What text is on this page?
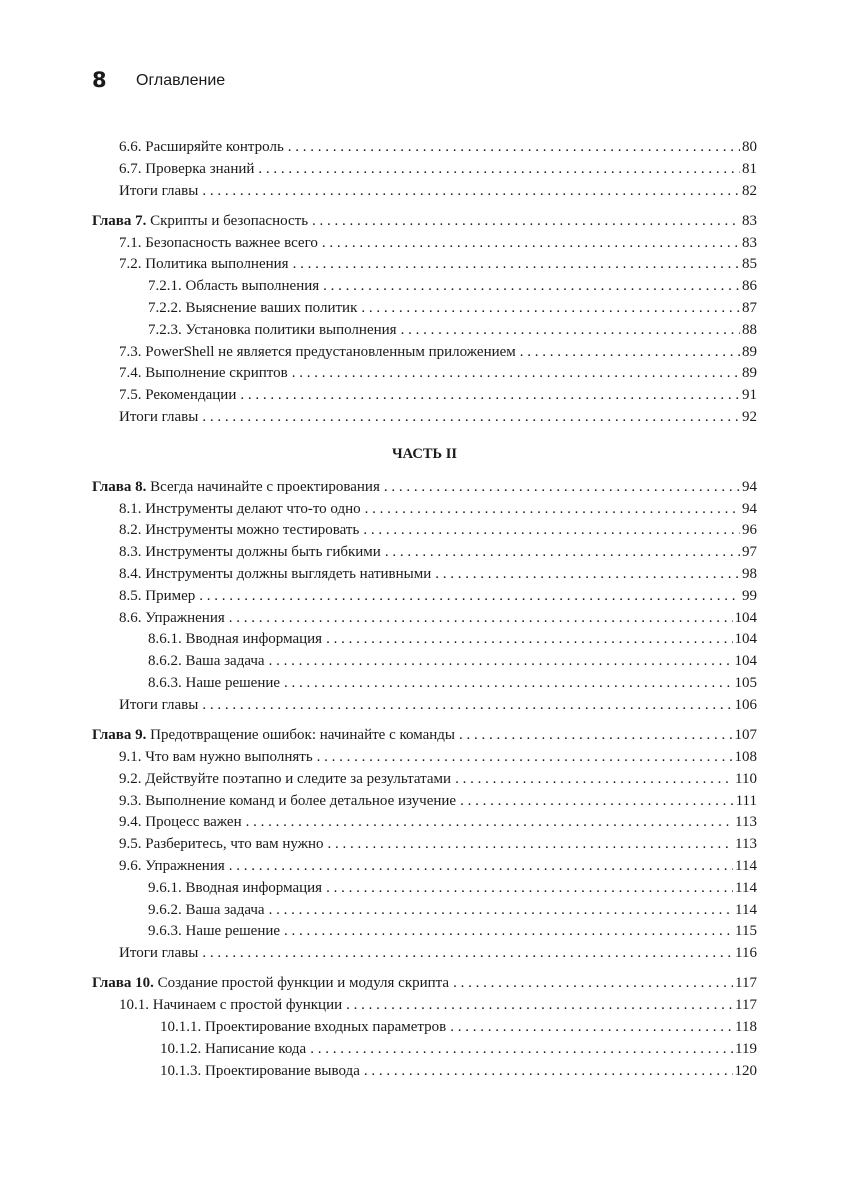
8 Оглавление
6.6. Расширяйте контроль . . .	80
6.7. Проверка знаний . . .	81
Итоги главы . . .	82
Глава 7. Скрипты и безопасность . . .	83
7.1. Безопасность важнее всего . . .	83
7.2. Политика выполнения . . .	85
7.2.1. Область выполнения . . .	86
7.2.2. Выяснение ваших политик . . .	87
7.2.3. Установка политики выполнения . . .	88
7.3. PowerShell не является предустановленным приложением . . .	89
7.4. Выполнение скриптов . . .	89
7.5. Рекомендации . . .	91
Итоги главы . . .	92
ЧАСТЬ II
Глава 8. Всегда начинайте с проектирования . . .	94
8.1. Инструменты делают что-то одно . . .	94
8.2. Инструменты можно тестировать . . .	96
8.3. Инструменты должны быть гибкими . . .	97
8.4. Инструменты должны выглядеть нативными . . .	98
8.5. Пример . . .	99
8.6. Упражнения . . .	104
8.6.1. Вводная информация . . .	104
8.6.2. Ваша задача . . .	104
8.6.3. Наше решение . . .	105
Итоги главы . . .	106
Глава 9. Предотвращение ошибок: начинайте с команды . . .	107
9.1. Что вам нужно выполнять . . .	108
9.2. Действуйте поэтапно и следите за результатами . . .	110
9.3. Выполнение команд и более детальное изучение . . .	111
9.4. Процесс важен . . .	113
9.5. Разберитесь, что вам нужно . . .	113
9.6. Упражнения . . .	114
9.6.1. Вводная информация . . .	114
9.6.2. Ваша задача . . .	114
9.6.3. Наше решение . . .	115
Итоги главы . . .	116
Глава 10. Создание простой функции и модуля скрипта . . .	117
10.1. Начинаем с простой функции . . .	117
10.1.1. Проектирование входных параметров . . .	118
10.1.2. Написание кода . . .	119
10.1.3. Проектирование вывода . . .	120
